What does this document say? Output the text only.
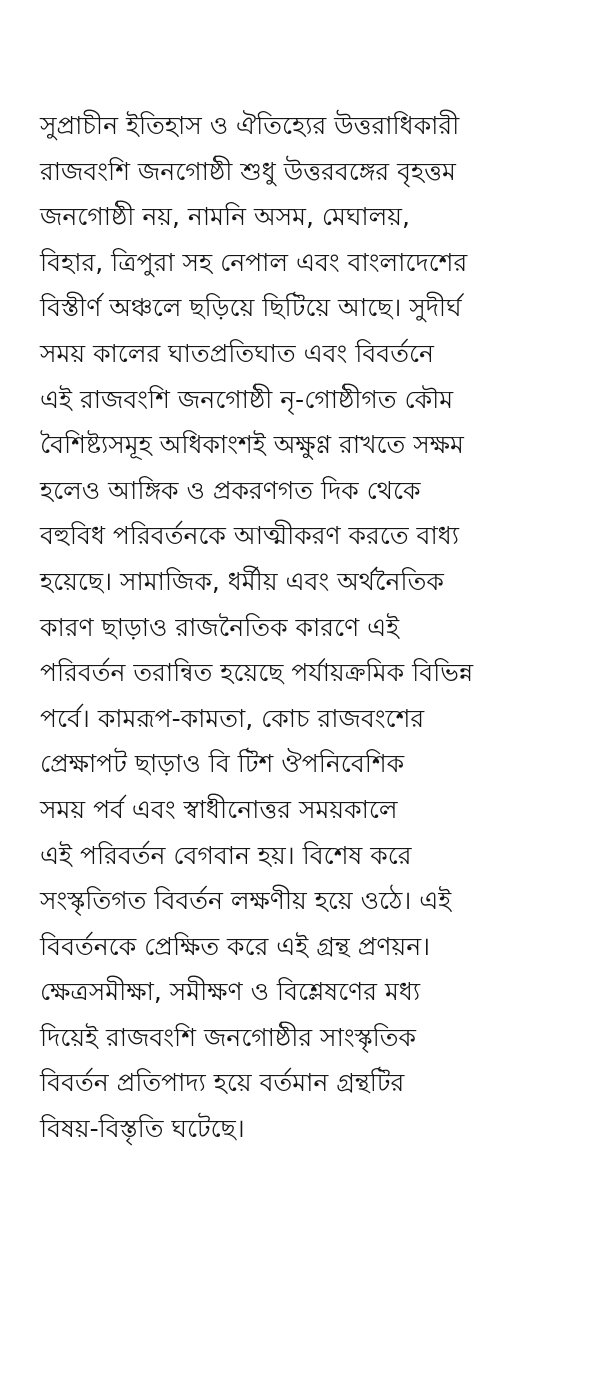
সুপ্রাচীন ইতিহাস ও ঐতিহ্যের উত্তরাধিকারী
রাজবংশি জনগোষ্ঠী শুধু উত্তরবঙ্গের বৃহত্তম
জনগোষ্ঠী নয়, নামনি অসম, মেঘালয়,
বিহার, ত্রিপুরা সহ নেপাল এবং বাংলাদেশের
বিস্তীর্ণ অঞ্চলে ছড়িয়ে ছিটিয়ে আছে। সুদীর্ঘ
সময় কালের ঘাতপ্রতিঘাত এবং বিবর্তনে
এই রাজবংশি জনগোষ্ঠী নৃ-গোষ্ঠীগত কৌম
বৈশিষ্ট্যসমূহ অধিকাংশই অক্ষুণ্ণ রাখতে সক্ষম
হলেও আঙ্গিক ও প্রকরণগত দিক থেকে
বহুবিধ পরিবর্তনকে আত্মীকরণ করতে বাধ্য
হয়েছে। সামাজিক, ধর্মীয় এবং অর্থনৈতিক
কারণ ছাড়াও রাজনৈতিক কারণে এই
পরিবর্তন তরান্বিত হয়েছে পর্যায়ক্রমিক বিভিন্ন
পর্বে। কামরূপ-কামতা, কোচ রাজবংশের
প্রেক্ষাপট ছাড়াও বি টিশ ঔপনিবেশিক
সময় পর্ব এবং স্বাধীনোত্তর সময়কালে
এই পরিবর্তন বেগবান হয়। বিশেষ করে
সংস্কৃতিগত বিবর্তন লক্ষণীয় হয়ে ওঠে। এই
বিবর্তনকে প্রেক্ষিত করে এই গ্রন্থ প্রণয়ন।
ক্ষেত্রসমীক্ষা, সমীক্ষণ ও বিশ্লেষণের মধ্য
দিয়েই রাজবংশি জনগোষ্ঠীর সাংস্কৃতিক
বিবর্তন প্রতিপাদ্য হয়ে বর্তমান গ্রন্থটির
বিষয়-বিস্তৃতি ঘটেছে।
